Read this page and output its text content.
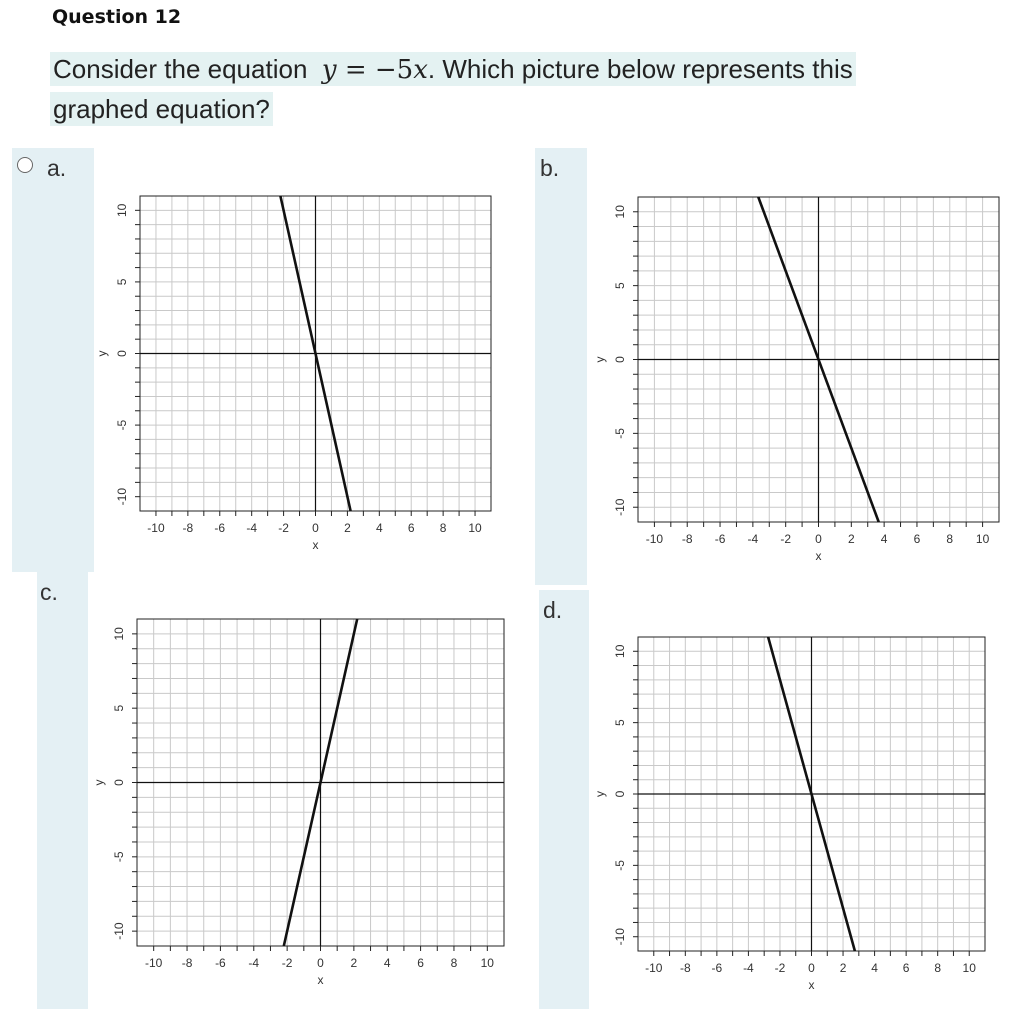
Question 12
Consider the equation y = −5x. Which picture below represents this graphed equation?
a.
-10 -8 -6 -4 -2 0 2 4 6 8 10
-10
-5
0
5
10
x
y
b.
-10 -8 -6 -4 -2 0 2 4 6 8 10
-10
-5
0
5
10
x
y
c.
-10 -8 -6 -4 -2 0 2 4 6 8 10
-10
-5
0
5
10
x
y
d.
-10 -8 -6 -4 -2 0 2 4 6 8 10
-10
-5
0
5
10
x
y
